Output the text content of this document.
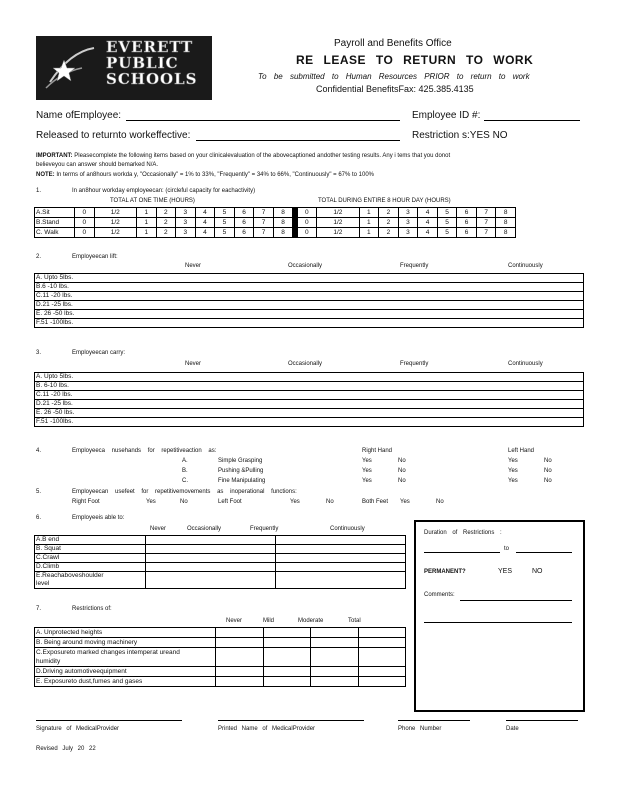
EVERETT
PUBLIC
SCHOOLS
Payroll and Benefits Office
RE LEASE TO RETURN TO WORK
To be submitted to Human Resources PRIOR to return to work
Confidential BenefitsFax: 425.385.4135
Name ofEmployee:	Employee ID #:
Released to returnto workeffective:	Restriction s:YES NO
IMPORTANT: Pleasecomplete the following items based on your clinicalevaluation of the abovecaptioned andother testing results. Any i tems that you donot
believeyou can answer should bemarked N/A.
NOTE: In terms of an8hours workda y, "Occasionally" = 1% to 33%, "Frequently" = 34% to 66%, "Continuously" = 67% to 100%
1.	In an8hour workday employeecan: (circleful capacity for eachactivity)
TOTAL AT ONE TIME (HOURS)	TOTAL DURING ENTIRE 8 HOUR DAY (HOURS)
A.Sit	0	1/2	1	2	3	4	5	6	7	8		0	1/2	1	2	3	4	5	6	7	8
B.Stand	0	1/2	1	2	3	4	5	6	7	8		0	1/2	1	2	3	4	5	6	7	8
C. Walk	0	1/2	1	2	3	4	5	6	7	8		0	1/2	1	2	3	4	5	6	7	8
2.	Employeecan lift:
Never	Occasionally	Frequently	Continuously
A. Upto 5lbs.
B.6 -10 lbs.
C.11 -20 lbs.
D.21 -25 lbs.
E. 26 -50 lbs.
F.51 -100lbs.
3.	Employeecan carry:
Never	Occasionally	Frequently	Continuously
A. Upto 5lbs.
B. 6-10 lbs.
C.11 -20 lbs.
D.21 -25 lbs.
E. 26 -50 lbs.
F.51 -100lbs.
4.	Employeeca nusehands for repetitiveaction as:	Right Hand	Left Hand
A.	Simple Grasping	Yes	No	Yes	No
B.	Pushing &Pulling	Yes	No	Yes	No
C.	Fine Manipulating	Yes	No	Yes	No
5.	Employeecan usefeet for repetitivemovements as inoperational functions:
Right Foot	Yes	No	Left Foot	Yes	No	Both Feet Yes	No
6.	Employeeis able to:
Never	Occasionally	Frequently	Continuously
A.B end		
B. Squat		
C.Crawl		
D.Climb		
E.Reachaboveshoulder		
level		
7.	Restrictions of:
Never	Mild	Moderate	Total
A. Unprotected heights				
B. Being around moving machinery				
C.Exposureto marked changes intemperat ureand				
humidity				
D.Driving automotiveequipment				
E. Exposureto dust,fumes and gases				
Duration of Restrictions :
to
PERMANENT?	YES	NO
Comments:
Signature of MedicalProvider	Printed Name of MedicalProvider	Phone Number	Date
Revised July 20 22
